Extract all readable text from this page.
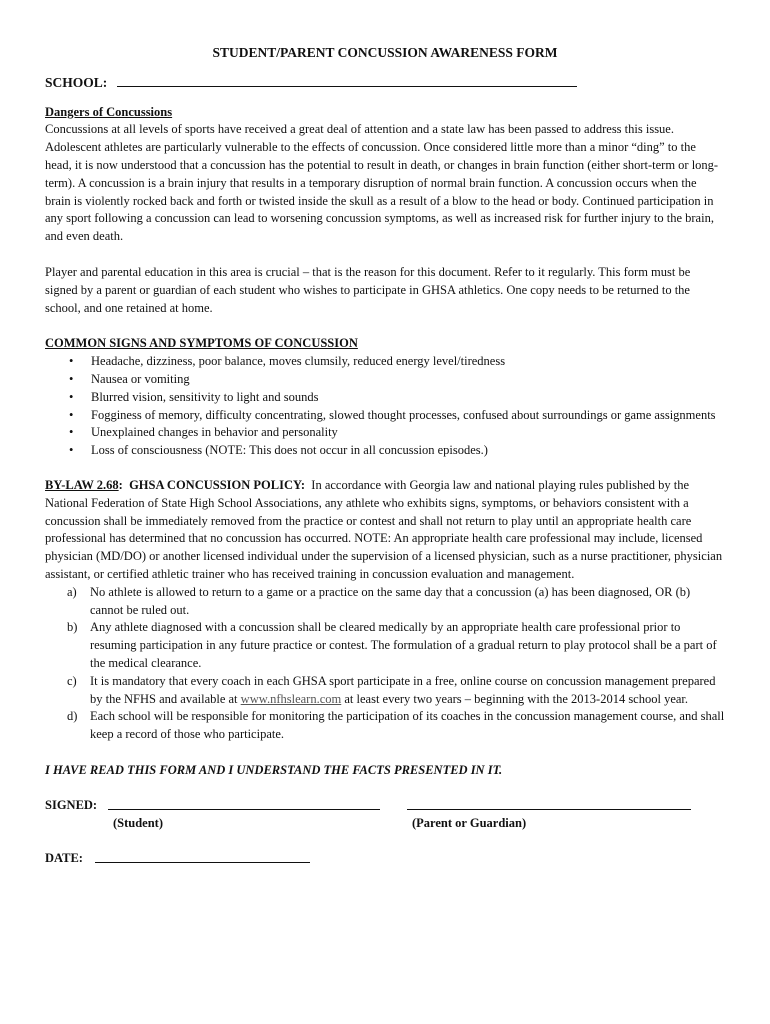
STUDENT/PARENT CONCUSSION AWARENESS FORM
SCHOOL:
Dangers of Concussions

Concussions at all levels of sports have received a great deal of attention and a state law has been passed to address this issue. Adolescent athletes are particularly vulnerable to the effects of concussion. Once considered little more than a minor “ding” to the head, it is now understood that a concussion has the potential to result in death, or changes in brain function (either short-term or long-term). A concussion is a brain injury that results in a temporary disruption of normal brain function. A concussion occurs when the brain is violently rocked back and forth or twisted inside the skull as a result of a blow to the head or body. Continued participation in any sport following a concussion can lead to worsening concussion symptoms, as well as increased risk for further injury to the brain, and even death.

Player and parental education in this area is crucial – that is the reason for this document. Refer to it regularly. This form must be signed by a parent or guardian of each student who wishes to participate in GHSA athletics. One copy needs to be returned to the school, and one retained at home.

COMMON SIGNS AND SYMPTOMS OF CONCUSSION
• Headache, dizziness, poor balance, moves clumsily, reduced energy level/tiredness
• Nausea or vomiting
• Blurred vision, sensitivity to light and sounds
• Fogginess of memory, difficulty concentrating, slowed thought processes, confused about surroundings or game assignments
• Unexplained changes in behavior and personality
• Loss of consciousness (NOTE: This does not occur in all concussion episodes.)
BY-LAW 2.68: GHSA CONCUSSION POLICY: In accordance with Georgia law and national playing rules published by the National Federation of State High School Associations, any athlete who exhibits signs, symptoms, or behaviors consistent with a concussion shall be immediately removed from the practice or contest and shall not return to play until an appropriate health care professional has determined that no concussion has occurred. NOTE: An appropriate health care professional may include, licensed physician (MD/DO) or another licensed individual under the supervision of a licensed physician, such as a nurse practitioner, physician assistant, or certified athletic trainer who has received training in concussion evaluation and management.
a) No athlete is allowed to return to a game or a practice on the same day that a concussion (a) has been diagnosed, OR (b) cannot be ruled out.
b) Any athlete diagnosed with a concussion shall be cleared medically by an appropriate health care professional prior to resuming participation in any future practice or contest. The formulation of a gradual return to play protocol shall be a part of the medical clearance.
c) It is mandatory that every coach in each GHSA sport participate in a free, online course on concussion management prepared by the NFHS and available at www.nfhslearn.com at least every two years – beginning with the 2013-2014 school year.
d) Each school will be responsible for monitoring the participation of its coaches in the concussion management course, and shall keep a record of those who participate.
I HAVE READ THIS FORM AND I UNDERSTAND THE FACTS PRESENTED IN IT.
SIGNED:
(Student)	(Parent or Guardian)
DATE:
